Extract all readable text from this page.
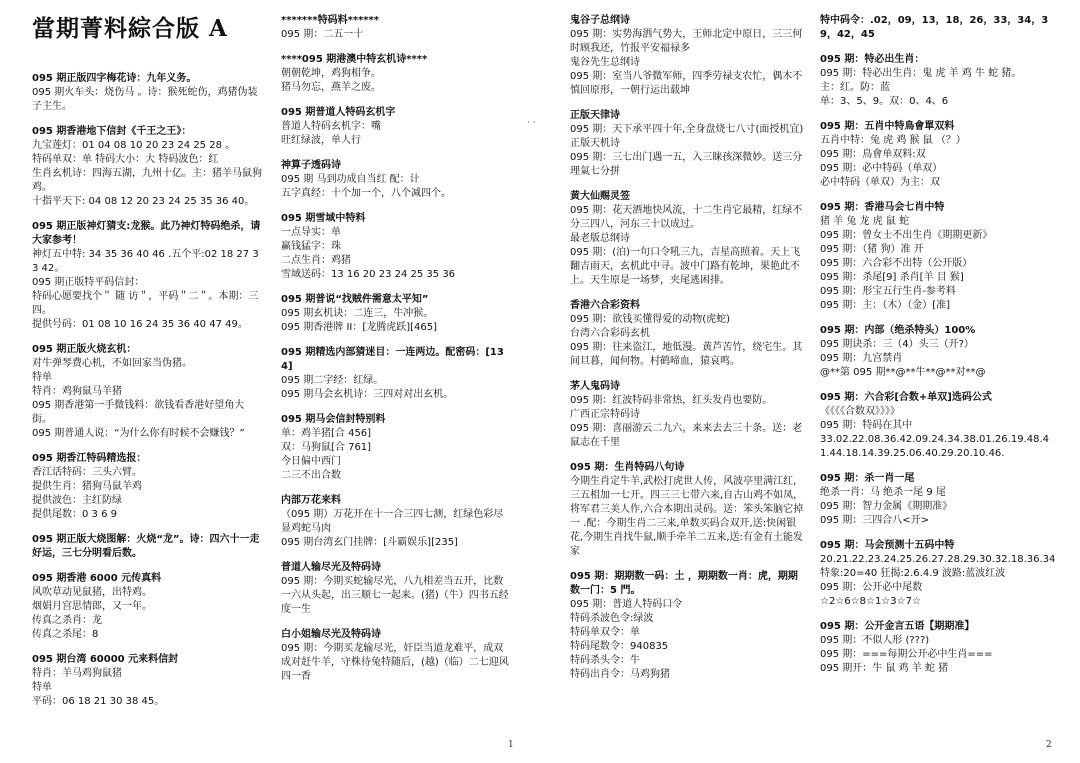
· ·
1	2
當期菁料綜合版 A
095 期正版四字梅花诗：九年义务。
095 期火车头：烧伤马 。诗：猴死蛇伤，鸡猪伪装子主生。
095 期香港地下信封《千王之王》：
九宝莲灯：01 04 08 10 20 23 24 25 28 。
特码单双：单 特码大小：大 特码波色：红
生肖玄机诗：四海五湖，九州十亿。主：猪羊马鼠狗鸡。
十指平天下: 04 08 12 20 23 24 25 35 36 40。
095 期正版神灯猜支:龙猴。此乃神灯特码绝杀，请大家参考！
神灯五中特: 34 35 36 40 46 .五个平:02 18 27 33 42。
095 期正版特平码信封：
特码心愿要找个＂ 随 访＂，平码＂二＂。本期：三四。
提供号码：01 08 10 16 24 35 36 40 47 49。
095 期正版火烧玄机：
对牛弹琴费心机，不如回家当伪猪。
特单
特肖：鸡狗鼠马羊猪
095 期香港第一手微钱料：欲钱看香港好望角大街。
095 期普通人说：“为什么你有时候不会赚钱？”
095 期香江特码精选报：
香江话特码：三头六臂。
提供生肖：猪狗马鼠羊鸡
提供波色：主红防绿
提供尾数：0 3 6 9
095 期正版大烧图解：火烧“龙”。诗：四六十一走好运，三七分明看后数。
095 期香港 6000 元传真料
风吹草动见鼠猪，出特鸡。
烟娟月宫思情郎，又一年。
传真之杀肖：龙
传真之杀尾：8
095 期台湾 60000 元来料信封
特肖：羊马鸡狗鼠猪
特单
平码：06 18 21 30 38 45。
*******特码料******
095 期：二五一十
****095 期港澳中特玄机诗****
朝朝乾坤，鸡狗相争。
猪马勿忘，燕羊之废。
095 期普道人特码玄机字
普道人特码玄机字：嘴
旺红绿波，单人行
神算子透码诗
095 期 马到功成自当红 配：计
五字真经：十个加一个，八个减四个。
095 期雪域中特料
一点导实：单
赢钱猛字：珠
二点生肖：鸡猪
雪域送码：13 16 20 23 24 25 35 36
095 期普说“找贼件需意太平知”
095 期玄机诀：二连三，牛冲猴。
095 期香港牌 II：[龙腾虎跃][465]
095 期精选内部猜迷目：一连两边。配密码：[134]
095 期二字经：红绿。
095 期马会玄机诗：三四对对出玄机。
095 期马会信封特别料
单：鸡羊猪[合 456]
双：马狗鼠[合 761]
今日偏中西门
二三不出合数
内部万花来料
（095 期）万花开在十一合三四七测，红绿色彩尽显鸡蛇马肉
095 期台湾玄门挂牌：[斗霸娱乐][235]
普道人输尽光及特码诗
095 期：今期买蛇输尽光，八九相差当五开，比数一六从头起，出三顺七一起来。(猪)（牛）四书五经度一生
白小姐输尽光及特码诗
095 期：今期买龙输尽光，奸臣当道龙难平，成双成对赶牛羊，守株待兔特随后，(越)（临）二七迎风四一香
鬼谷子总纲诗
095 期：实势海洒气势大，王师北定中原日，三三何时顾我还，竹报平安福禄多
鬼谷先生总纲诗
095 期：室当八爷微军师，四季劳禄支农忙，偶木不慎回原形，一朝行运出载坤
正版天律诗
095 期：天下承平四十年,全身盘烧七八寸(面授机宜)
正版天机诗
095 期：三七出门遇一五，入三睐孩深微妙。送三分理氣七分拼
黄大仙赐灵签
095 期：花天酒地快风流，十二生肖它最精，红绿不分三四八，河东三十以成过。
最老版总纲诗
095 期：(泊)一句口令吼三九，吉星高照着。天上飞翻吉雨天，玄机此中寻。波中门路有乾坤，果艳此不上。天生原是一场梦，夹尾逃困排。
香港六合彩资料
095 期：欲钱买懂得爱的动物(虎蛇)
台湾六合彩码玄机
095 期：往来盗江，地低漫。黄芦苦竹，绕宅生。其间旦暮，闻何物。村鹤啼血，猿哀鸣。
茅人鬼码诗
095 期：红波特码非常热，红头发肖也要防。
广西正宗特码诗
095 期：喜丽游云二九六，来来去去三十条。送：老鼠志在千里
095 期：生肖特码八句诗
今期生肖定牛羊,武松打虎世人传，风波亭里满江红,三五相加一七开。四三三七带六来,自古山鸡不如凤，将军君三美人作,六合本期出灵码。送：笨头笨脑它掉一 .配：今期生肖二三来,单数买码合双开,送:快闲银花,今期生肖找牛鼠,顺手牵羊二五来,送:有金有土能发家
095 期：期期数一码：土 ，期期数一肖：虎，期期数一门：5 門。
095 期：普道人特码口令
特码杀波色令:绿波
特码单双令：单
特码尾数令：940835
特码杀头令：牛
特码出肖令：马鸡狗猪
特中码令：.02，09，13，18，26，33，34，39，42，45
095 期：特必出生肖：
095 期：特必出生肖：鬼 虎 羊 鸡 牛 蛇 猪。
主：红。防：蓝
单：3、5、9。双：0、4、6
095 期：五肖中特鳥會單双料
五肖中特：兔 虎 鸡 猴 鼠 （？）
095 期：鳥會单双料:双
095 期：必中特码（单双）
必中特码（单双）为主：双
095 期：香港马会七肖中特
猪 羊 兔 龙 虎 鼠 蛇
095 期：曾女士不出生肖《期期更新》
095 期：（猪 狗）准 开
095 期：六合彩不出特（公开版）
095 期：杀尾[9] 杀肖[羊 目 猴]
095 期：形宝五行生肖-参考料
095 期：主：（木）（金）[准]
095 期：内部（绝杀特头）100%
095 期诀杀：三（4）头三（开?）
095 期：九宫禁肖
@**第 095 期**@**牛**@**对**@
095 期：六合彩[合数+单双]选码公式
《《《《合数双》》》》
095 期：特码在其中
33.02.22.08.36.42.09.24.34.38.01.26.19.48.41.44.18.14.39.25.06.40.29.20.10.46.
095 期：杀一肖一尾
绝杀一肖：马 绝杀一尾 9 尾
095 期：智力金属《期期准》
095 期：三四合八<开>
095 期：马会预测十五码中特
20.21.22.23.24.25.26.27.28.29.30.32.18.36.34
特象:20=40 狂揭:2.6.4.9 波路:蓝波红波
095 期：公开必中尾数
☆2☆6☆8☆1☆3☆7☆
095 期：公开金言五语【期期准】
095 期：不似人形 (???)
095 期：===每期公开必中生肖===
095 期开：牛 鼠 鸡 羊 蛇 猪
